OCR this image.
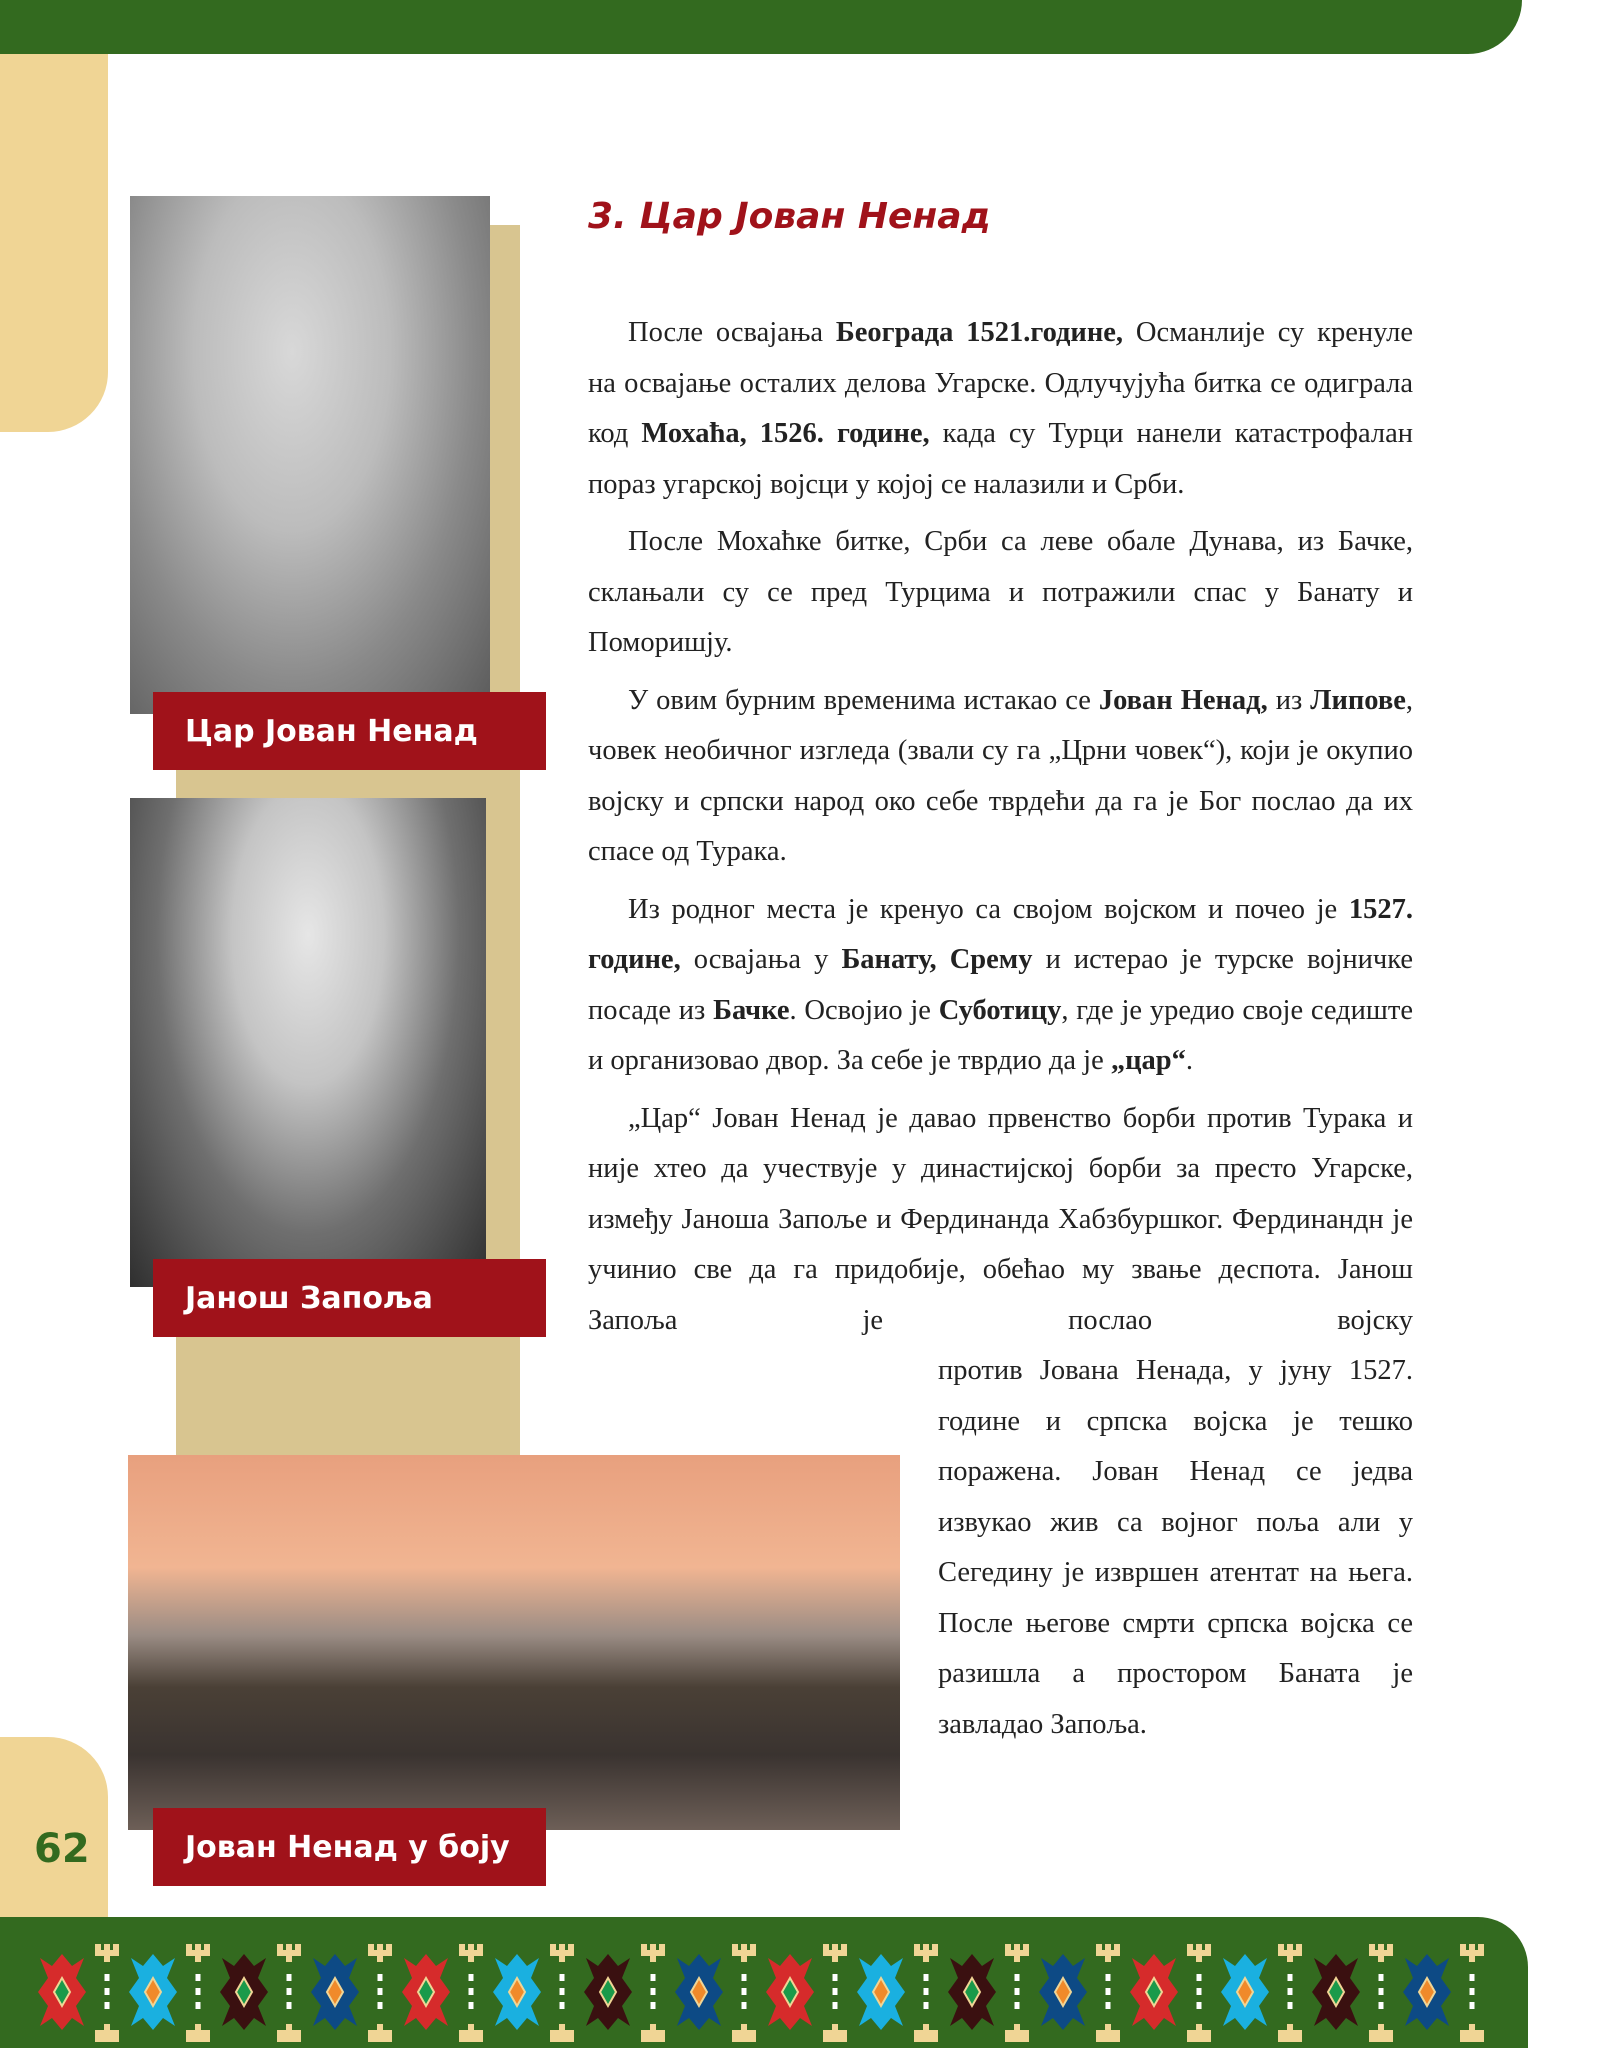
62
Цар Јован Ненад
Јанош Запоља
Јован Ненад у боју
3. Цар Јован Ненад

После освајања Београда 1521.године, Османлије су кренуле на освајање осталих делова Угарске. Одлучујућа битка се одиграла код Мохаћа, 1526. године, када су Турци нанели катастрофалан пораз угарској војсци у којој се налазили и Срби.

После Мохаћке битке, Срби са леве обале Дунава, из Бачке, склањали су се пред Турцима и потражили спас у Банату и Поморишју.

У овим бурним временима истакао се Јован Ненад, из Липове, човек необичног изгледа (звали су га „Црни човек“), који је окупио војску и српски народ око себе тврдећи да га је Бог послао да их спасе од Турака.

Из родног места је кренуо са својом војском и почео је 1527. године, освајања у Банату, Срему и истерао је турске војничке посаде из Бачке. Освојио је Суботицу, где је уредио своје седиште и организовао двор. За себе је тврдио да је „цар“.

„Цар“ Јован Ненад је давао првенство борби против Турака и није хтео да учествује у династијској борби за престо Угарске, између Јаноша Запоље и Фердинанда Хабзбуршког. Фердинандн је учинио све да га придобије, обећао му звање деспота. Јанош Запоља је послао војску

против Јована Ненада, у јуну 1527. године и српска војска је тешко поражена. Јован Ненад се једва извукао жив са војног поља али у Сегедину је извршен атентат на њега. После његове смрти српска војска се разишла а простором Баната је завладао Запоља.
